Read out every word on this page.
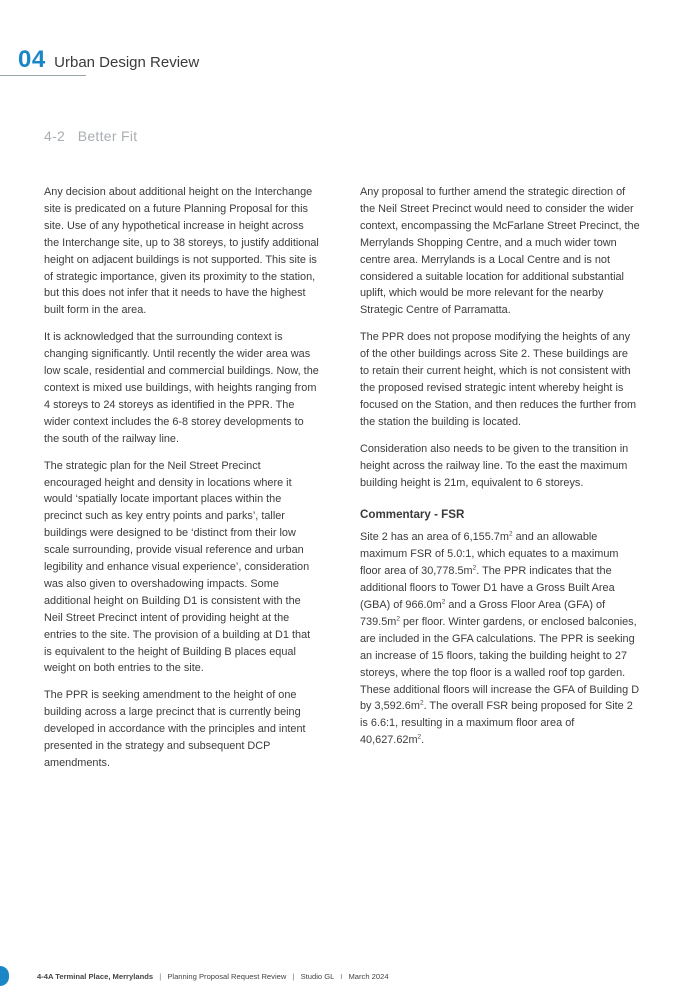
04 Urban Design Review
4-2   Better Fit

Any decision about additional height on the Interchange site is predicated on a future Planning Proposal for this site. Use of any hypothetical increase in height across the Interchange site, up to 38 storeys, to justify additional height on adjacent buildings is not supported. This site is of strategic importance, given its proximity to the station, but this does not infer that it needs to have the highest built form in the area.

It is acknowledged that the surrounding context is changing significantly. Until recently the wider area was low scale, residential and commercial buildings. Now, the context is mixed use buildings, with heights ranging from 4 storeys to 24 storeys as identified in the PPR. The wider context includes the 6-8 storey developments to the south of the railway line.

The strategic plan for the Neil Street Precinct encouraged height and density in locations where it would ‘spatially locate important places within the precinct such as key entry points and parks’, taller buildings were designed to be ‘distinct from their low scale surrounding, provide visual reference and urban legibility and enhance visual experience’, consideration was also given to overshadowing impacts. Some additional height on Building D1 is consistent with the Neil Street Precinct intent of providing height at the entries to the site. The provision of a building at D1 that is equivalent to the height of Building B places equal weight on both entries to the site.

The PPR is seeking amendment to the height of one building across a large precinct that is currently being developed in accordance with the principles and intent presented in the strategy and subsequent DCP amendments.

Any proposal to further amend the strategic direction of the Neil Street Precinct would need to consider the wider context, encompassing the McFarlane Street Precinct, the Merrylands Shopping Centre, and a much wider town centre area. Merrylands is a Local Centre and is not considered a suitable location for additional substantial uplift, which would be more relevant for the nearby Strategic Centre of Parramatta.

The PPR does not propose modifying the heights of any of the other buildings across Site 2. These buildings are to retain their current height, which is not consistent with the proposed revised strategic intent whereby height is focused on the Station, and then reduces the further from the station the building is located.

Consideration also needs to be given to the transition in height across the railway line. To the east the maximum building height is 21m, equivalent to 6 storeys.

Commentary - FSR

Site 2 has an area of $6,155.7m^2$ and an allowable maximum FSR of 5.0:1, which equates to a maximum floor area of $30,778.5m^2$. The PPR indicates that the additional floors to Tower D1 have a Gross Built Area (GBA) of $966.0m^2$ and a Gross Floor Area (GFA) of $739.5m^2$ per floor. Winter gardens, or enclosed balconies, are included in the GFA calculations. The PPR is seeking an increase of 15 floors, taking the building height to 27 storeys, where the top floor is a walled roof top garden. These additional floors will increase the GFA of Building D by $3,592.6m^2$. The overall FSR being proposed for Site 2 is 6.6:1, resulting in a maximum floor area of $40,627.62m^2$.

4-4A Terminal Place, Merrylands | Planning Proposal Request Review | Studio GL I March 2024
